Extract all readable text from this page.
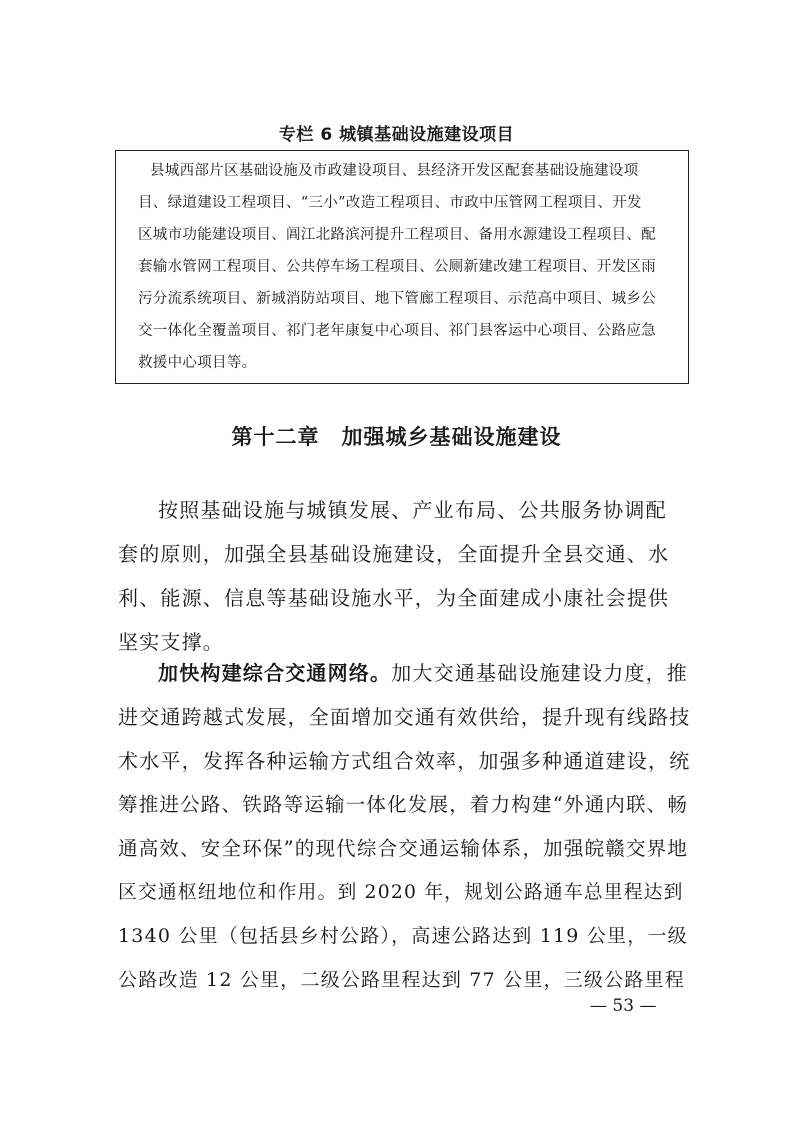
专栏 6 城镇基础设施建设项目
县城西部片区基础设施及市政建设项目、县经济开发区配套基础设施建设项
目、绿道建设工程项目、“三小”改造工程项目、市政中压管网工程项目、开发
区城市功能建设项目、阊江北路滨河提升工程项目、备用水源建设工程项目、配
套输水管网工程项目、公共停车场工程项目、公厕新建改建工程项目、开发区雨
污分流系统项目、新城消防站项目、地下管廊工程项目、示范高中项目、城乡公
交一体化全覆盖项目、祁门老年康复中心项目、祁门县客运中心项目、公路应急
救援中心项目等。
第十二章 加强城乡基础设施建设
按照基础设施与城镇发展、产业布局、公共服务协调配
套的原则，加强全县基础设施建设，全面提升全县交通、水
利、能源、信息等基础设施水平，为全面建成小康社会提供
坚实支撑。
加快构建综合交通网络。加大交通基础设施建设力度，推
进交通跨越式发展，全面增加交通有效供给，提升现有线路技
术水平，发挥各种运输方式组合效率，加强多种通道建设，统
筹推进公路、铁路等运输一体化发展，着力构建“外通内联、畅
通高效、安全环保”的现代综合交通运输体系，加强皖赣交界地
区交通枢纽地位和作用。到 2020 年，规划公路通车总里程达到
1340 公里（包括县乡村公路），高速公路达到 119 公里，一级
公路改造 12 公里，二级公路里程达到 77 公里，三级公路里程
— 53 —
